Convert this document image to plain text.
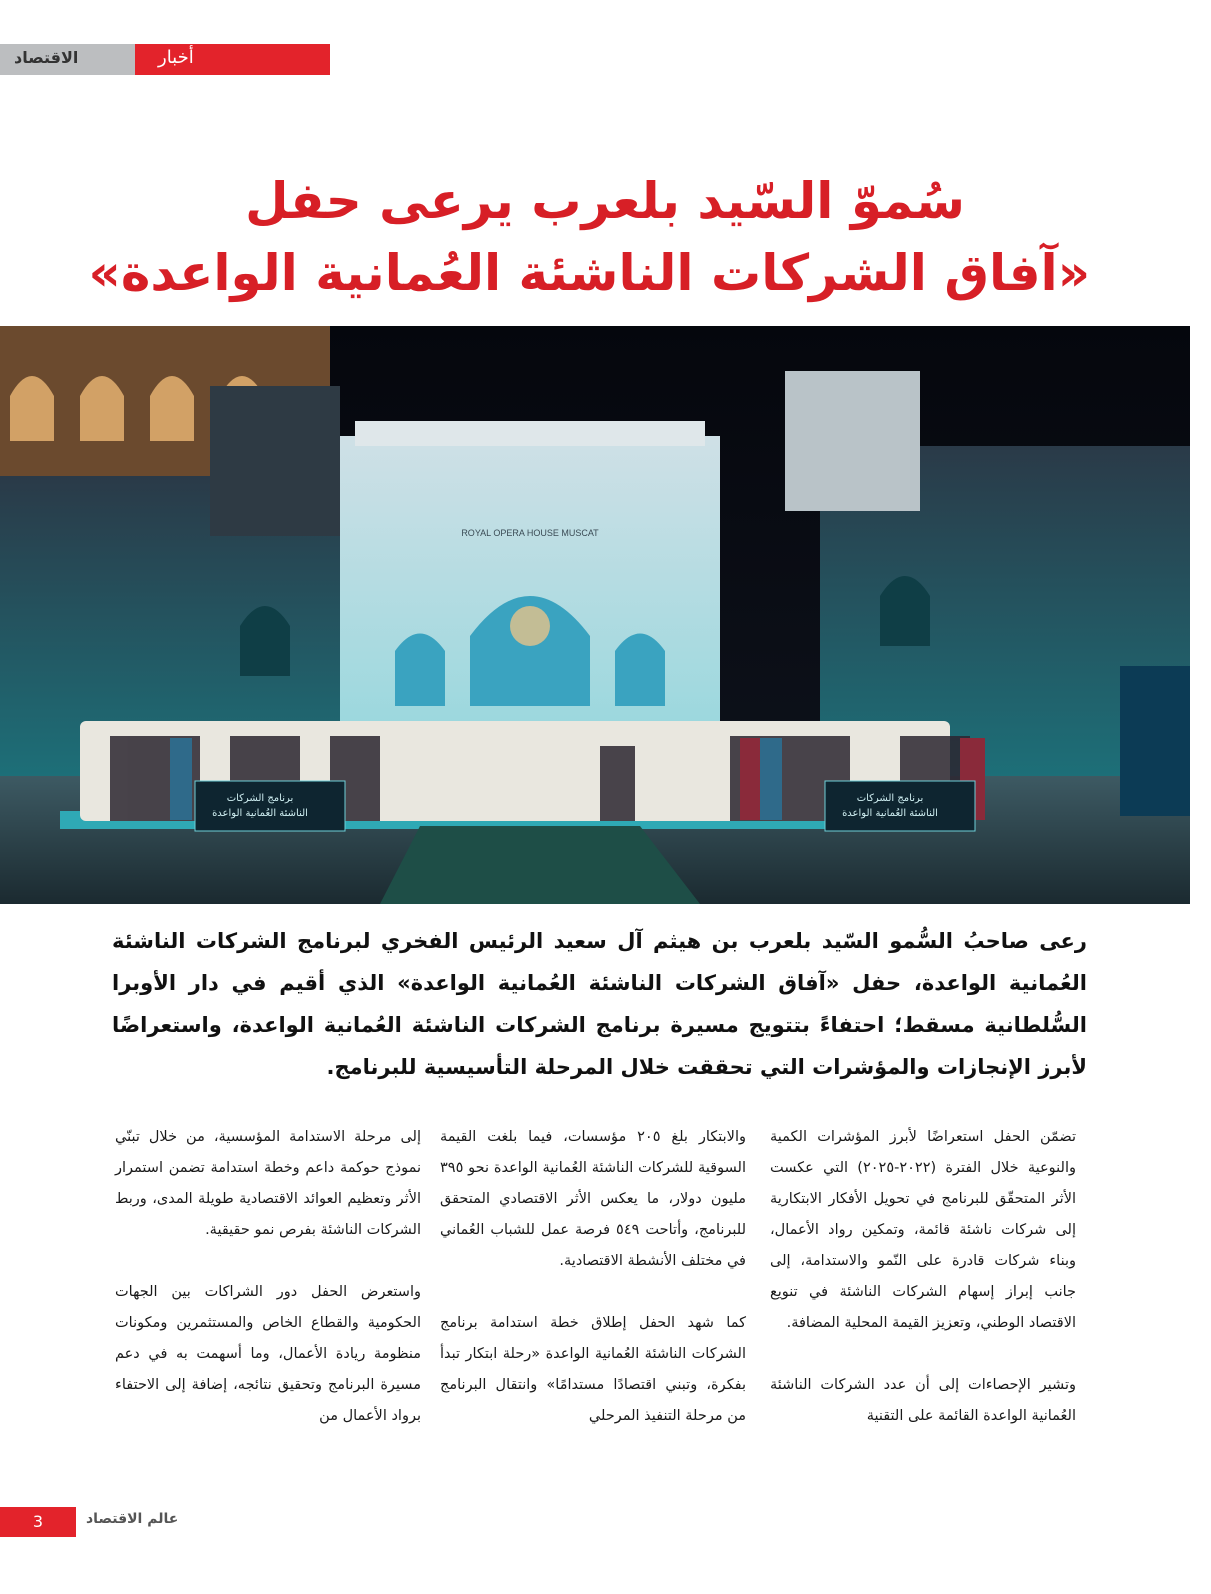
الاقتصاد	أخبار
سُموّ السّيد بلعرب يرعى حفل
«آفاق الشركات الناشئة العُمانية الواعدة»
ROYAL OPERA HOUSE MUSCAT
برنامج الشركات
الناشئة العُمانية الواعدة
برنامج الشركات
الناشئة العُمانية الواعدة
رعى صاحبُ السُّمو السّيد بلعرب بن هيثم آل سعيد الرئيس الفخري لبرنامج الشركات الناشئة العُمانية الواعدة، حفل «آفاق الشركات الناشئة العُمانية الواعدة» الذي أقيم في دار الأوبرا السُّلطانية مسقط؛ احتفاءً بتتويج مسيرة برنامج الشركات الناشئة العُمانية الواعدة، واستعراضًا لأبرز الإنجازات والمؤشرات التي تحققت خلال المرحلة التأسيسية للبرنامج.

تضمّن الحفل استعراضًا لأبرز المؤشرات الكمية والنوعية خلال الفترة (٢٠٢٢-٢٠٢٥) التي عكست الأثر المتحقّق للبرنامج في تحويل الأفكار الابتكارية إلى شركات ناشئة قائمة، وتمكين رواد الأعمال، وبناء شركات قادرة على النّمو والاستدامة، إلى جانب إبراز إسهام الشركات الناشئة في تنويع الاقتصاد الوطني، وتعزيز القيمة المحلية المضافة.

وتشير الإحصاءات إلى أن عدد الشركات الناشئة العُمانية الواعدة القائمة على التقنية

والابتكار بلغ ٢٠٥ مؤسسات، فيما بلغت القيمة السوقية للشركات الناشئة العُمانية الواعدة نحو ٣٩٥ مليون دولار، ما يعكس الأثر الاقتصادي المتحقق للبرنامج، وأتاحت ٥٤٩ فرصة عمل للشباب العُماني في مختلف الأنشطة الاقتصادية.

كما شهد الحفل إطلاق خطة استدامة برنامج الشركات الناشئة العُمانية الواعدة «رحلة ابتكار تبدأ بفكرة، وتبني اقتصادًا مستدامًا» وانتقال البرنامج من مرحلة التنفيذ المرحلي

إلى مرحلة الاستدامة المؤسسية، من خلال تبنّي نموذج حوكمة داعم وخطة استدامة تضمن استمرار الأثر وتعظيم العوائد الاقتصادية طويلة المدى، وربط الشركات الناشئة بفرص نمو حقيقية.

واستعرض الحفل دور الشراكات بين الجهات الحكومية والقطاع الخاص والمستثمرين ومكونات منظومة ريادة الأعمال، وما أسهمت به في دعم مسيرة البرنامج وتحقيق نتائجه، إضافة إلى الاحتفاء برواد الأعمال من

3	عالم الاقتصاد
